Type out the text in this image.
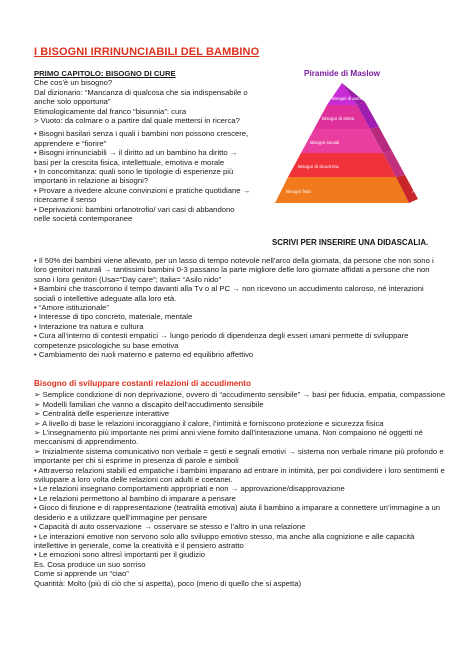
I BISOGNI IRRINUNCIABILI DEL BAMBINO
PRIMO CAPITOLO: BISOGNO DI CURE

Che cos’è un bisogno?

Dal dizionario: “Mancanza di qualcosa che sia indispensabile o anche solo opportuna”

Etimologicamente dal franco “bisunnia”: cura

> Vuoto: da colmare o a partire dal quale mettersi in ricerca?

• Bisogni basilari senza i quali i bambini non possono crescere, apprendere e “fiorire”

• Bisogni irrinunciabili → il diritto ad un bambino ha diritto → basi per la crescita fisica, intellettuale, emotiva e morale

• In concomitanza: quali sono le tipologie di esperienze più importanti in relazione ai bisogni?

• Provare a rivedere alcune convinzioni e pratiche quotidiane → ricercarne il senso

• Deprivazioni: bambini orfanotrofio/ vari casi di abbandono nelle società contemporanee

Piramide di Maslow
Bisogni di autorealizzazione
Bisogni di stima
Bisogni sociali
Bisogni di sicurezza
Bisogni fisici
Sviluppo e autostima
Riconoscimento sociale
Appartenenza amore
Protezione
Acqua, cibo, sonno
SCRIVI PER INSERIRE UNA DIDASCALIA.

• Il 50% dei bambini viene allevato, per un lasso di tempo notevole nell’arco della giornata, da persone che non sono i loro genitori naturali → tantissimi bambini 0-3 passano la parte migliore delle loro giornate affidati a persone che non sono i loro genitori (Usa=“Day care”; Italia= “Asilo nido”

• Bambini che trascorrono il tempo davanti alla Tv o al PC → non ricevono un accudimento caloroso, né interazioni sociali o intellettive adeguate alla loro età.

• “Amore istituzionale”

• Interesse di tipo concreto, materiale, mentale

• Interazione tra natura e cultura

• Cura all’interno di contesti empatici → lungo periodo di dipendenza degli esseri umani permette di sviluppare competenze psicologiche su base emotiva

• Cambiamento dei ruoli materno e paterno ed equilibrio affettivo

Bisogno di sviluppare costanti relazioni di accudimento

➢ Semplice condizione di non deprivazione, ovvero di “accudimento sensibile” → basi per fiducia, empatia, compassione

➢ Modelli familiari che vanno a discapito dell’accudimento sensibile

➢ Centralità delle esperienze interattive

➢ A livello di base le relazioni incoraggiano il calore, l’intimità e forniscono protezione e sicurezza fisica

➢ L’insegnamento più importante nei primi anni viene fornito dall’interazione umana. Non compaiono né oggetti né meccanismi di apprendimento.

➢ Inizialmente sistema comunicativo non verbale = gesti e segnali emotivi → sistema non verbale rimane più profondo e importante per chi si esprime in presenza di parole e simboli

• Attraverso relazioni stabili ed empatiche i bambini imparano ad entrare in intimità, per poi condividere i loro sentimenti e sviluppare a loro volta delle relazioni con adulti e coetanei.

• Le relazioni insegnano comportamenti appropriati e non → approvazione/disapprovazione

• Le relazioni permettono al bambino di imparare a pensare

• Gioco di finzione e di rappresentazione (teatralità emotiva) aiuta il bambino a imparare a connettere un’immagine a un desiderio e a utilizzare quell’immagine per pensare

• Capacità di auto osservazione → osservare se stesso e l’altro in una relazione

• Le interazioni emotive non servono solo allo sviluppo emotivo stesso, ma anche alla cognizione e alle capacità intellettive in generale, come la creatività e il pensiero astratto

• Le emozioni sono altresì importanti per il giudizio

Es. Cosa produce un suo sorriso

Come si apprende un “ciao”

Quantità: Molto (più di ciò che si aspetta), poco (meno di quello che si aspetta)
